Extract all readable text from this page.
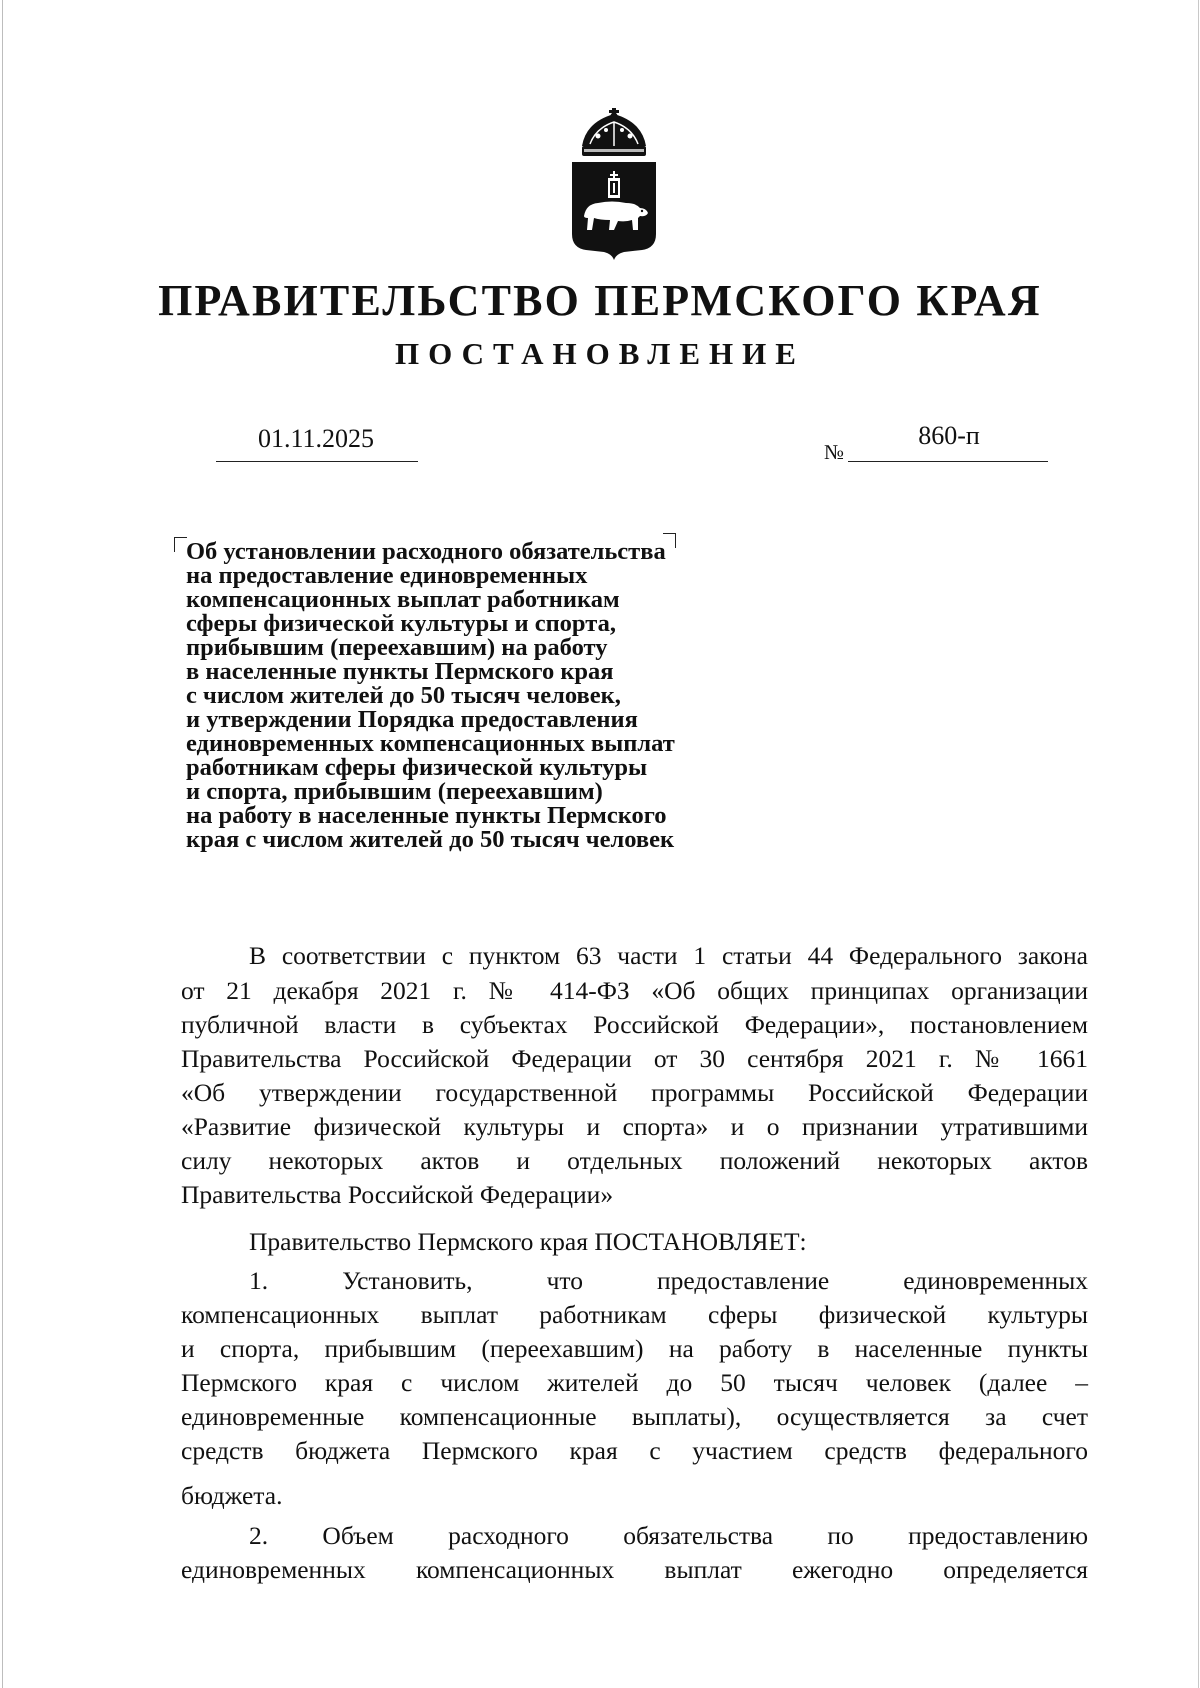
ПРАВИТЕЛЬСТВО ПЕРМСКОГО КРАЯ
ПОСТАНОВЛЕНИЕ
01.11.2025	№
860-п
Об установлении расходного обязательства
на предоставление единовременных
компенсационных выплат работникам
сферы физической культуры и спорта,
прибывшим (переехавшим) на работу
в населенные пункты Пермского края
с числом жителей до 50 тысяч человек,
и утверждении Порядка предоставления
единовременных компенсационных выплат
работникам сферы физической культуры
и спорта, прибывшим (переехавшим)
на работу в населенные пункты Пермского
края с числом жителей до 50 тысяч человек
В соответствии с пунктом 63 части 1 статьи 44 Федерального закона
от 21 декабря 2021 г. № 414-ФЗ «Об общих принципах организации
публичной власти в субъектах Российской Федерации», постановлением
Правительства Российской Федерации от 30 сентября 2021 г. № 1661
«Об утверждении государственной программы Российской Федерации
«Развитие физической культуры и спорта» и о признании утратившими
силу некоторых актов и отдельных положений некоторых актов
Правительства Российской Федерации»
Правительство Пермского края ПОСТАНОВЛЯЕТ:
1. Установить, что предоставление единовременных
компенсационных выплат работникам сферы физической культуры
и спорта, прибывшим (переехавшим) на работу в населенные пункты
Пермского края с числом жителей до 50 тысяч человек (далее –
единовременные компенсационные выплаты), осуществляется за счет
средств бюджета Пермского края с участием средств федерального
бюджета.
2. Объем расходного обязательства по предоставлению
единовременных компенсационных выплат ежегодно определяется
